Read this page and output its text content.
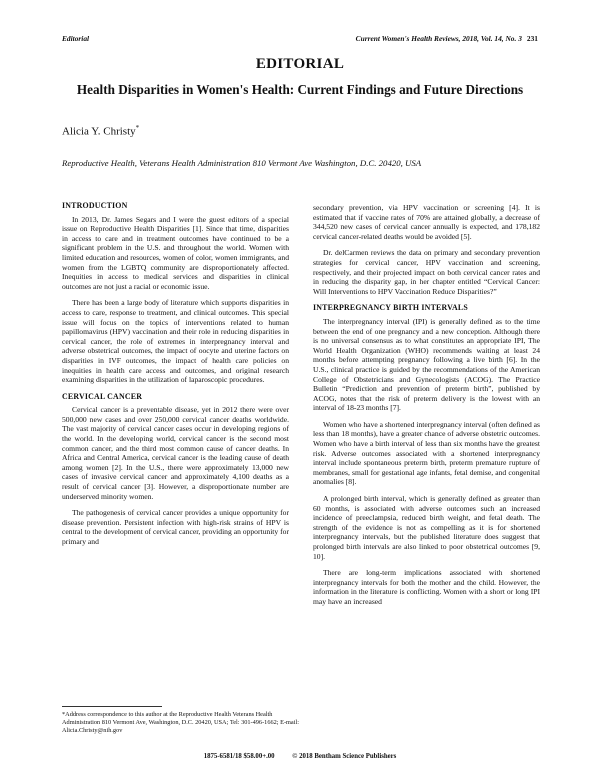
Editorial	Current Women's Health Reviews, 2018, Vol. 14, No. 3 231
EDITORIAL
Health Disparities in Women's Health: Current Findings and Future Directions
Alicia Y. Christy*
Reproductive Health, Veterans Health Administration 810 Vermont Ave Washington, D.C. 20420, USA
INTRODUCTION

In 2013, Dr. James Segars and I were the guest editors of a special issue on Reproductive Health Disparities [1]. Since that time, disparities in access to care and in treatment outcomes have continued to be a significant problem in the U.S. and throughout the world. Women with limited education and resources, women of color, women immigrants, and women from the LGBTQ community are disproportionately affected. Inequities in access to medical services and disparities in clinical outcomes are not just a racial or economic issue.

There has been a large body of literature which supports disparities in access to care, response to treatment, and clinical outcomes. This special issue will focus on the topics of interventions related to human papillomavirus (HPV) vaccination and their role in reducing disparities in cervical cancer, the role of extremes in interpregnancy interval and adverse obstetrical outcomes, the impact of oocyte and uterine factors on disparities in IVF outcomes, the impact of health care policies on inequities in health care access and outcomes, and original research examining disparities in the utilization of laparoscopic procedures.

CERVICAL CANCER

Cervical cancer is a preventable disease, yet in 2012 there were over 500,000 new cases and over 250,000 cervical cancer deaths worldwide. The vast majority of cervical cancer cases occur in developing regions of the world. In the developing world, cervical cancer is the second most common cancer, and the third most common cause of cancer deaths. In Africa and Central America, cervical cancer is the leading cause of death among women [2]. In the U.S., there were approximately 13,000 new cases of invasive cervical cancer and approximately 4,100 deaths as a result of cervical cancer [3]. However, a disproportionate number are underserved minority women.

The pathogenesis of cervical cancer provides a unique opportunity for disease prevention. Persistent infection with high-risk strains of HPV is central to the development of cervical cancer, providing an opportunity for primary and

secondary prevention, via HPV vaccination or screening [4]. It is estimated that if vaccine rates of 70% are attained globally, a decrease of 344,520 new cases of cervical cancer annually is expected, and 178,182 cervical cancer-related deaths would be avoided [5].

Dr. delCarmen reviews the data on primary and secondary prevention strategies for cervical cancer, HPV vaccination and screening, respectively, and their projected impact on both cervical cancer rates and in reducing the disparity gap, in her chapter entitled “Cervical Cancer: Will Interventions to HPV Vaccination Reduce Disparities?”

INTERPREGNANCY BIRTH INTERVALS

The interpregnancy interval (IPI) is generally defined as to the time between the end of one pregnancy and a new conception. Although there is no universal consensus as to what constitutes an appropriate IPI, The World Health Organization (WHO) recommends waiting at least 24 months before attempting pregnancy following a live birth [6]. In the U.S., clinical practice is guided by the recommendations of the American College of Obstetricians and Gynecologists (ACOG). The Practice Bulletin “Prediction and prevention of preterm birth”, published by ACOG, notes that the risk of preterm delivery is the lowest with an interval of 18-23 months [7].

Women who have a shortened interpregnancy interval (often defined as less than 18 months), have a greater chance of adverse obstetric outcomes. Women who have a birth interval of less than six months have the greatest risk. Adverse outcomes associated with a shortened interpregnancy interval include spontaneous preterm birth, preterm premature rupture of membranes, small for gestational age infants, fetal demise, and congenital anomalies [8].

A prolonged birth interval, which is generally defined as greater than 60 months, is associated with adverse outcomes such an increased incidence of preeclampsia, reduced birth weight, and fetal death. The strength of the evidence is not as compelling as it is for shortened interpregnancy intervals, but the published literature does suggest that prolonged birth intervals are also linked to poor obstetrical outcomes [9, 10].

There are long-term implications associated with shortened interpregnancy intervals for both the mother and the child. However, the information in the literature is conflicting. Women with a short or long IPI may have an increased

*Address correspondence to this author at the Reproductive Health Veterans Health Administration 810 Vermont Ave, Washington, D.C. 20420, USA; Tel: 301-496-1662; E-mail: Alicia.Christy@nih.gov
1875-6581/18 $58.00+.00	© 2018 Bentham Science Publishers
